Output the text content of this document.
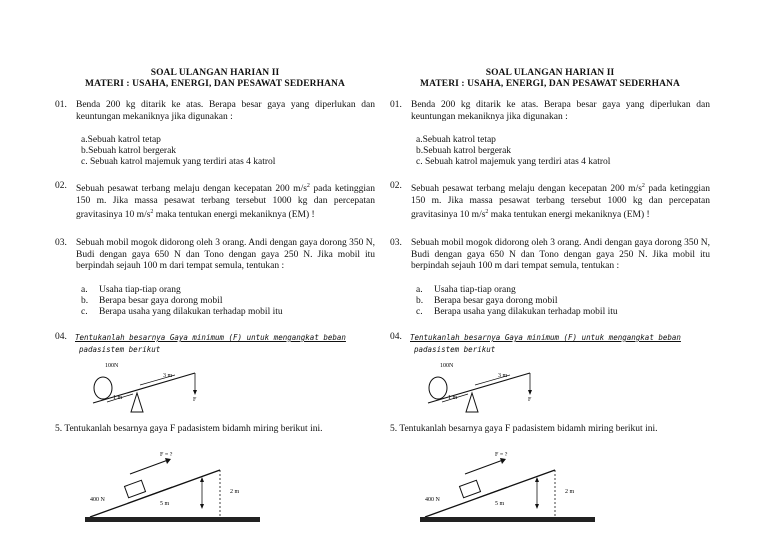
SOAL ULANGAN HARIAN II
MATERI : USAHA, ENERGI, DAN PESAWAT SEDERHANA
01. Benda 200 kg ditarik ke atas. Berapa besar gaya yang diperlukan dan keuntungan mekaniknya jika digunakan :
a.Sebuah katrol tetap
b.Sebuah katrol bergerak
c. Sebuah katrol majemuk yang terdiri atas 4 katrol
02. Sebuah pesawat terbang melaju dengan kecepatan 200 $m/s^2$ pada ketinggian 150 m. Jika massa pesawat terbang tersebut 1000 kg dan percepatan gravitasinya 10 $m/s^2$ maka tentukan energi mekaniknya (EM) !
03. Sebuah mobil mogok didorong oleh 3 orang. Andi dengan gaya dorong 350 N, Budi dengan gaya 650 N dan Tono dengan gaya 250 N. Jika mobil itu berpindah sejauh 100 m dari tempat semula, tentukan :
a. Usaha tiap-tiap orang
b. Berapa besar gaya dorong mobil
c. Berapa usaha yang dilakukan terhadap mobil itu
04. Tentukanlah besarnya Gaya minimum (F) untuk mengangkat beban
padasistem berikut
100N
3 m
1 m	F
5. Tentukanlah besarnya gaya F padasistem bidamh miring berikut ini.
F = ?
2 m
400 N
5 m
SOAL ULANGAN HARIAN II
MATERI : USAHA, ENERGI, DAN PESAWAT SEDERHANA
01. Benda 200 kg ditarik ke atas. Berapa besar gaya yang diperlukan dan keuntungan mekaniknya jika digunakan :
a.Sebuah katrol tetap
b.Sebuah katrol bergerak
c. Sebuah katrol majemuk yang terdiri atas 4 katrol
02. Sebuah pesawat terbang melaju dengan kecepatan 200 $m/s^2$ pada ketinggian 150 m. Jika massa pesawat terbang tersebut 1000 kg dan percepatan gravitasinya 10 $m/s^2$ maka tentukan energi mekaniknya (EM) !
03. Sebuah mobil mogok didorong oleh 3 orang. Andi dengan gaya dorong 350 N, Budi dengan gaya 650 N dan Tono dengan gaya 250 N. Jika mobil itu berpindah sejauh 100 m dari tempat semula, tentukan :
a. Usaha tiap-tiap orang
b. Berapa besar gaya dorong mobil
c. Berapa usaha yang dilakukan terhadap mobil itu
04. Tentukanlah besarnya Gaya minimum (F) untuk mengangkat beban
padasistem berikut
100N
3 m
1 m	F
5. Tentukanlah besarnya gaya F padasistem bidamh miring berikut ini.
F = ?
2 m
400 N
5 m
